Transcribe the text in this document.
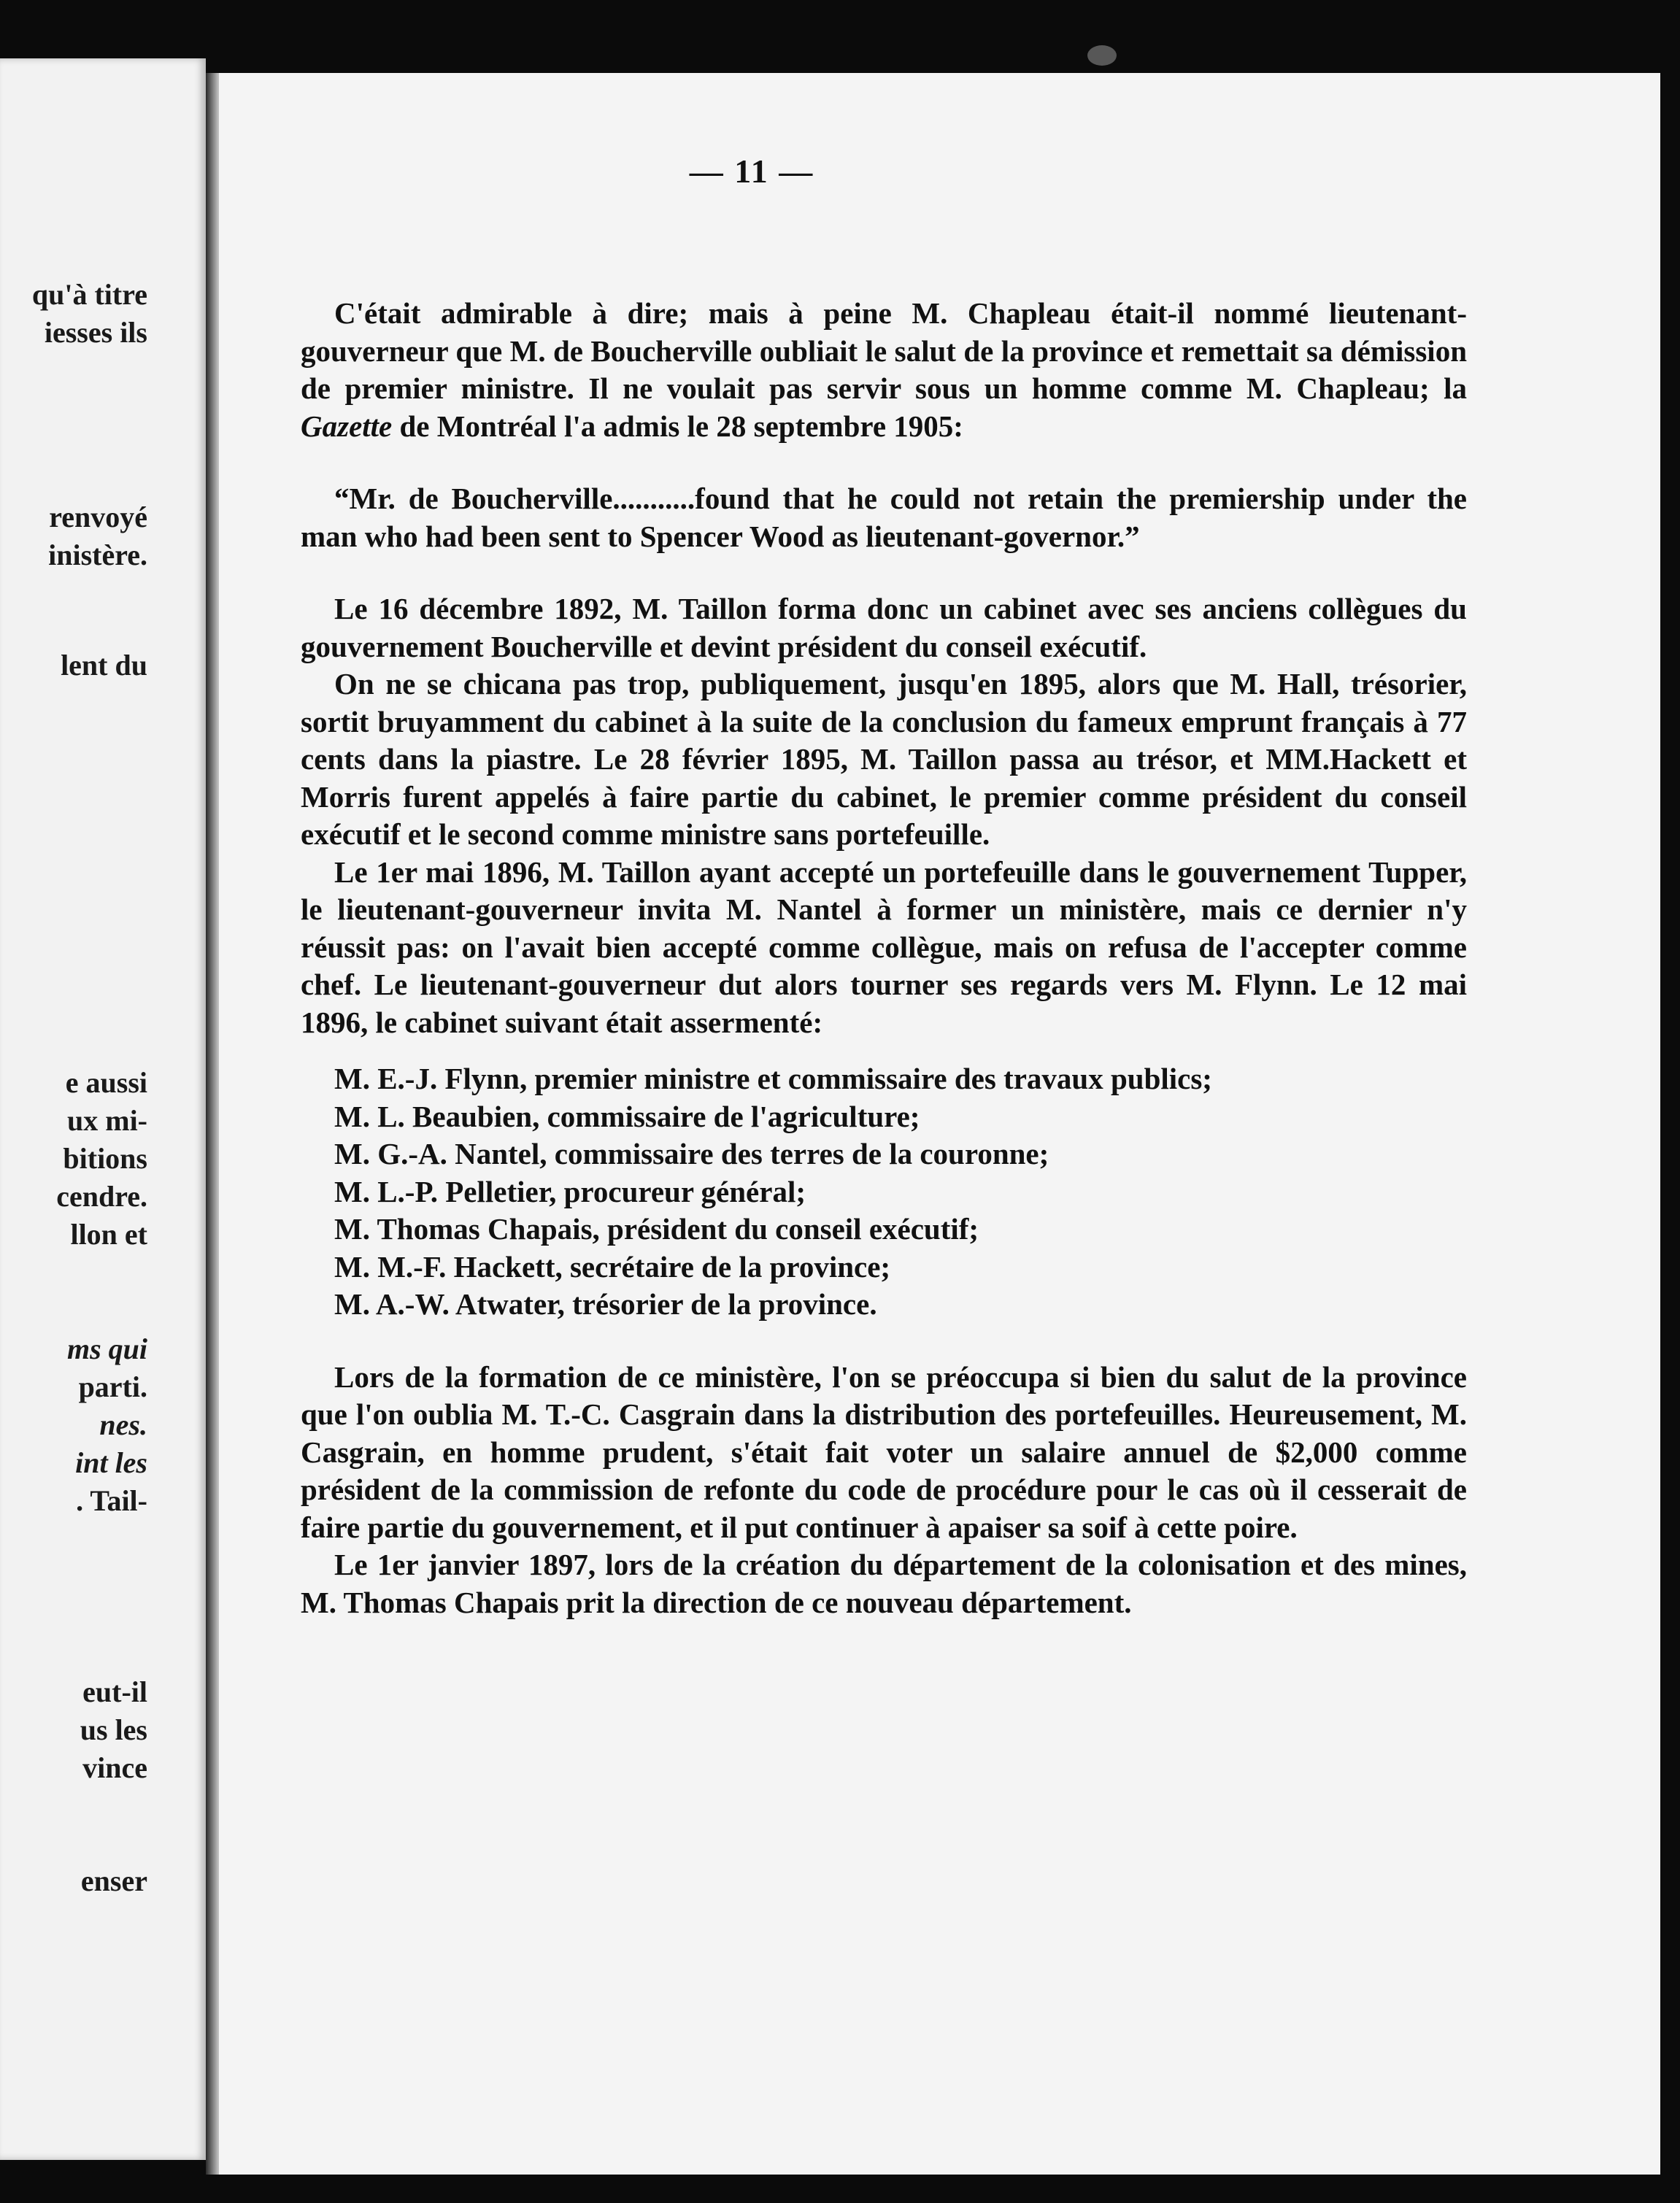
qu'à titre
iesses ils
renvoyé
inistère.
lent du
e aussi
ux mi-
bitions
cendre.
llon et
ms qui
parti.
nes.
int les
. Tail-
eut-il
us les
vince
enser
— 11 —

C'était admirable à dire; mais à peine M. Chapleau était-il nommé lieutenant-gouverneur que M. de Boucherville oubliait le salut de la province et remettait sa démission de premier ministre. Il ne voulait pas servir sous un homme comme M. Chapleau; la Gazette de Montréal l'a admis le 28 septembre 1905:

“Mr. de Boucherville...........found that he could not retain the premiership under the man who had been sent to Spencer Wood as lieutenant-governor.”

Le 16 décembre 1892, M. Taillon forma donc un cabinet avec ses anciens collègues du gouvernement Boucherville et devint président du conseil exécutif.

On ne se chicana pas trop, publiquement, jusqu'en 1895, alors que M. Hall, trésorier, sortit bruyamment du cabinet à la suite de la conclusion du fameux emprunt français à 77 cents dans la piastre. Le 28 février 1895, M. Taillon passa au trésor, et MM.Hackett et Morris furent appelés à faire partie du cabinet, le premier comme président du conseil exécutif et le second comme ministre sans portefeuille.

Le 1er mai 1896, M. Taillon ayant accepté un portefeuille dans le gouvernement Tupper, le lieutenant-gouverneur invita M. Nantel à former un ministère, mais ce dernier n'y réussit pas: on l'avait bien accepté comme collègue, mais on refusa de l'accepter comme chef. Le lieutenant-gouverneur dut alors tourner ses regards vers M. Flynn. Le 12 mai 1896, le cabinet suivant était assermenté:

M. E.-J. Flynn, premier ministre et commissaire des travaux publics;
M. L. Beaubien, commissaire de l'agriculture;
M. G.-A. Nantel, commissaire des terres de la couronne;
M. L.-P. Pelletier, procureur général;
M. Thomas Chapais, président du conseil exécutif;
M. M.-F. Hackett, secrétaire de la province;
M. A.-W. Atwater, trésorier de la province.

Lors de la formation de ce ministère, l'on se préoccupa si bien du salut de la province que l'on oublia M. T.-C. Casgrain dans la distribution des portefeuilles. Heureusement, M. Casgrain, en homme prudent, s'était fait voter un salaire annuel de $2,000 comme président de la commission de refonte du code de procédure pour le cas où il cesserait de faire partie du gouvernement, et il put continuer à apaiser sa soif à cette poire.

Le 1er janvier 1897, lors de la création du département de la colonisation et des mines, M. Thomas Chapais prit la direction de ce nouveau département.
